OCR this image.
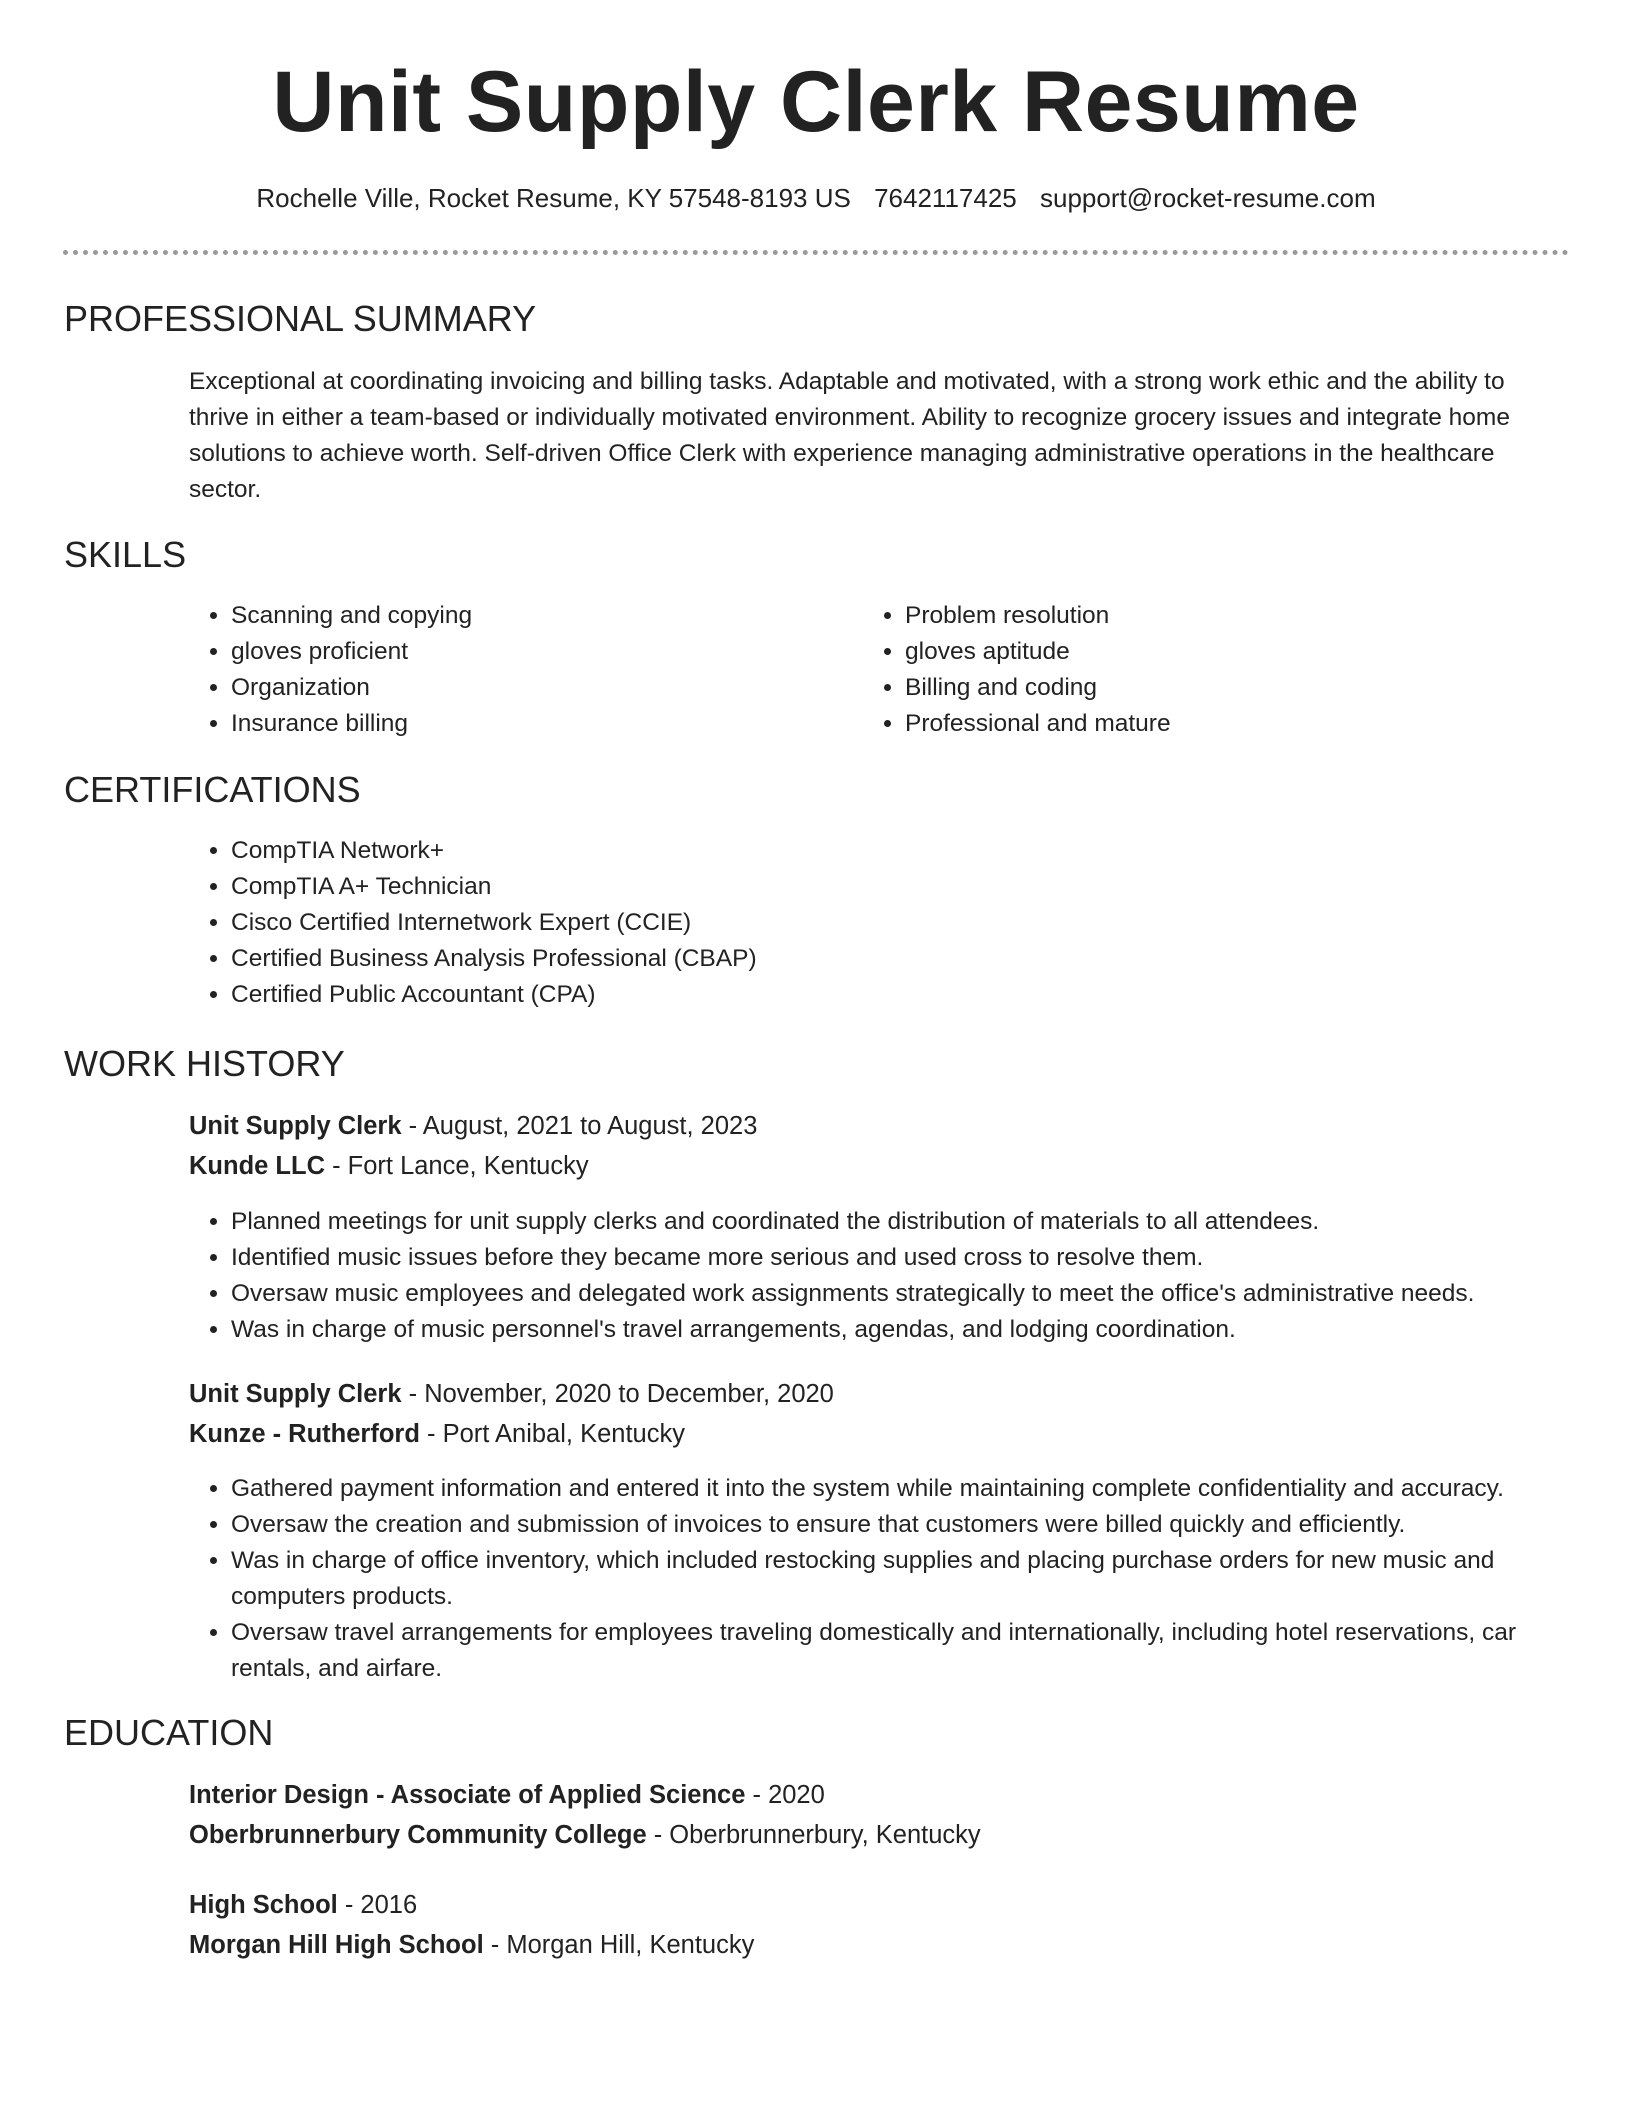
Unit Supply Clerk Resume
Rochelle Ville, Rocket Resume, KY 57548-8193 US 7642117425 support@rocket-resume.com
PROFESSIONAL SUMMARY

Exceptional at coordinating invoicing and billing tasks. Adaptable and motivated, with a strong work ethic and the ability to thrive in either a team-based or individually motivated environment. Ability to recognize grocery issues and integrate home solutions to achieve worth. Self-driven Office Clerk with experience managing administrative operations in the healthcare sector.

SKILLS
• Scanning and copying
• gloves proficient
• Organization
• Insurance billing
• Problem resolution
• gloves aptitude
• Billing and coding
• Professional and mature
CERTIFICATIONS
• CompTIA Network+
• CompTIA A+ Technician
• Cisco Certified Internetwork Expert (CCIE)
• Certified Business Analysis Professional (CBAP)
• Certified Public Accountant (CPA)
WORK HISTORY
Unit Supply Clerk - August, 2021 to August, 2023
Kunde LLC - Fort Lance, Kentucky
• Planned meetings for unit supply clerks and coordinated the distribution of materials to all attendees.
• Identified music issues before they became more serious and used cross to resolve them.
• Oversaw music employees and delegated work assignments strategically to meet the office's administrative needs.
• Was in charge of music personnel's travel arrangements, agendas, and lodging coordination.
Unit Supply Clerk - November, 2020 to December, 2020
Kunze - Rutherford - Port Anibal, Kentucky
• Gathered payment information and entered it into the system while maintaining complete confidentiality and accuracy.
• Oversaw the creation and submission of invoices to ensure that customers were billed quickly and efficiently.
• Was in charge of office inventory, which included restocking supplies and placing purchase orders for new music and computers products.
• Oversaw travel arrangements for employees traveling domestically and internationally, including hotel reservations, car rentals, and airfare.
EDUCATION
Interior Design - Associate of Applied Science - 2020
Oberbrunnerbury Community College - Oberbrunnerbury, Kentucky
High School - 2016
Morgan Hill High School - Morgan Hill, Kentucky
